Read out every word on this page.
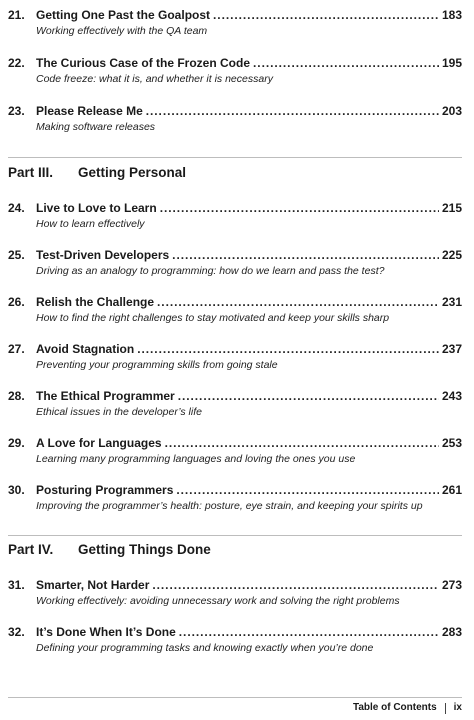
21. Getting One Past the Goalpost . . .	183
Working effectively with the QA team
22. The Curious Case of the Frozen Code . . .	195
Code freeze: what it is, and whether it is necessary
23. Please Release Me . . .	203
Making software releases
Part III. Getting Personal
24. Live to Love to Learn . . .	215
How to learn effectively
25. Test-Driven Developers . . .	225
Driving as an analogy to programming: how do we learn and pass the test?
26. Relish the Challenge . . .	231
How to find the right challenges to stay motivated and keep your skills sharp
27. Avoid Stagnation . . .	237
Preventing your programming skills from going stale
28. The Ethical Programmer . . .	243
Ethical issues in the developer’s life
29. A Love for Languages . . .	253
Learning many programming languages and loving the ones you use
30. Posturing Programmers . . .	261
Improving the programmer’s health: posture, eye strain, and keeping your spirits up
Part IV. Getting Things Done
31. Smarter, Not Harder . . .	273
Working effectively: avoiding unnecessary work and solving the right problems
32. It’s Done When It’s Done . . .	283
Defining your programming tasks and knowing exactly when you’re done
Table of Contents ix
